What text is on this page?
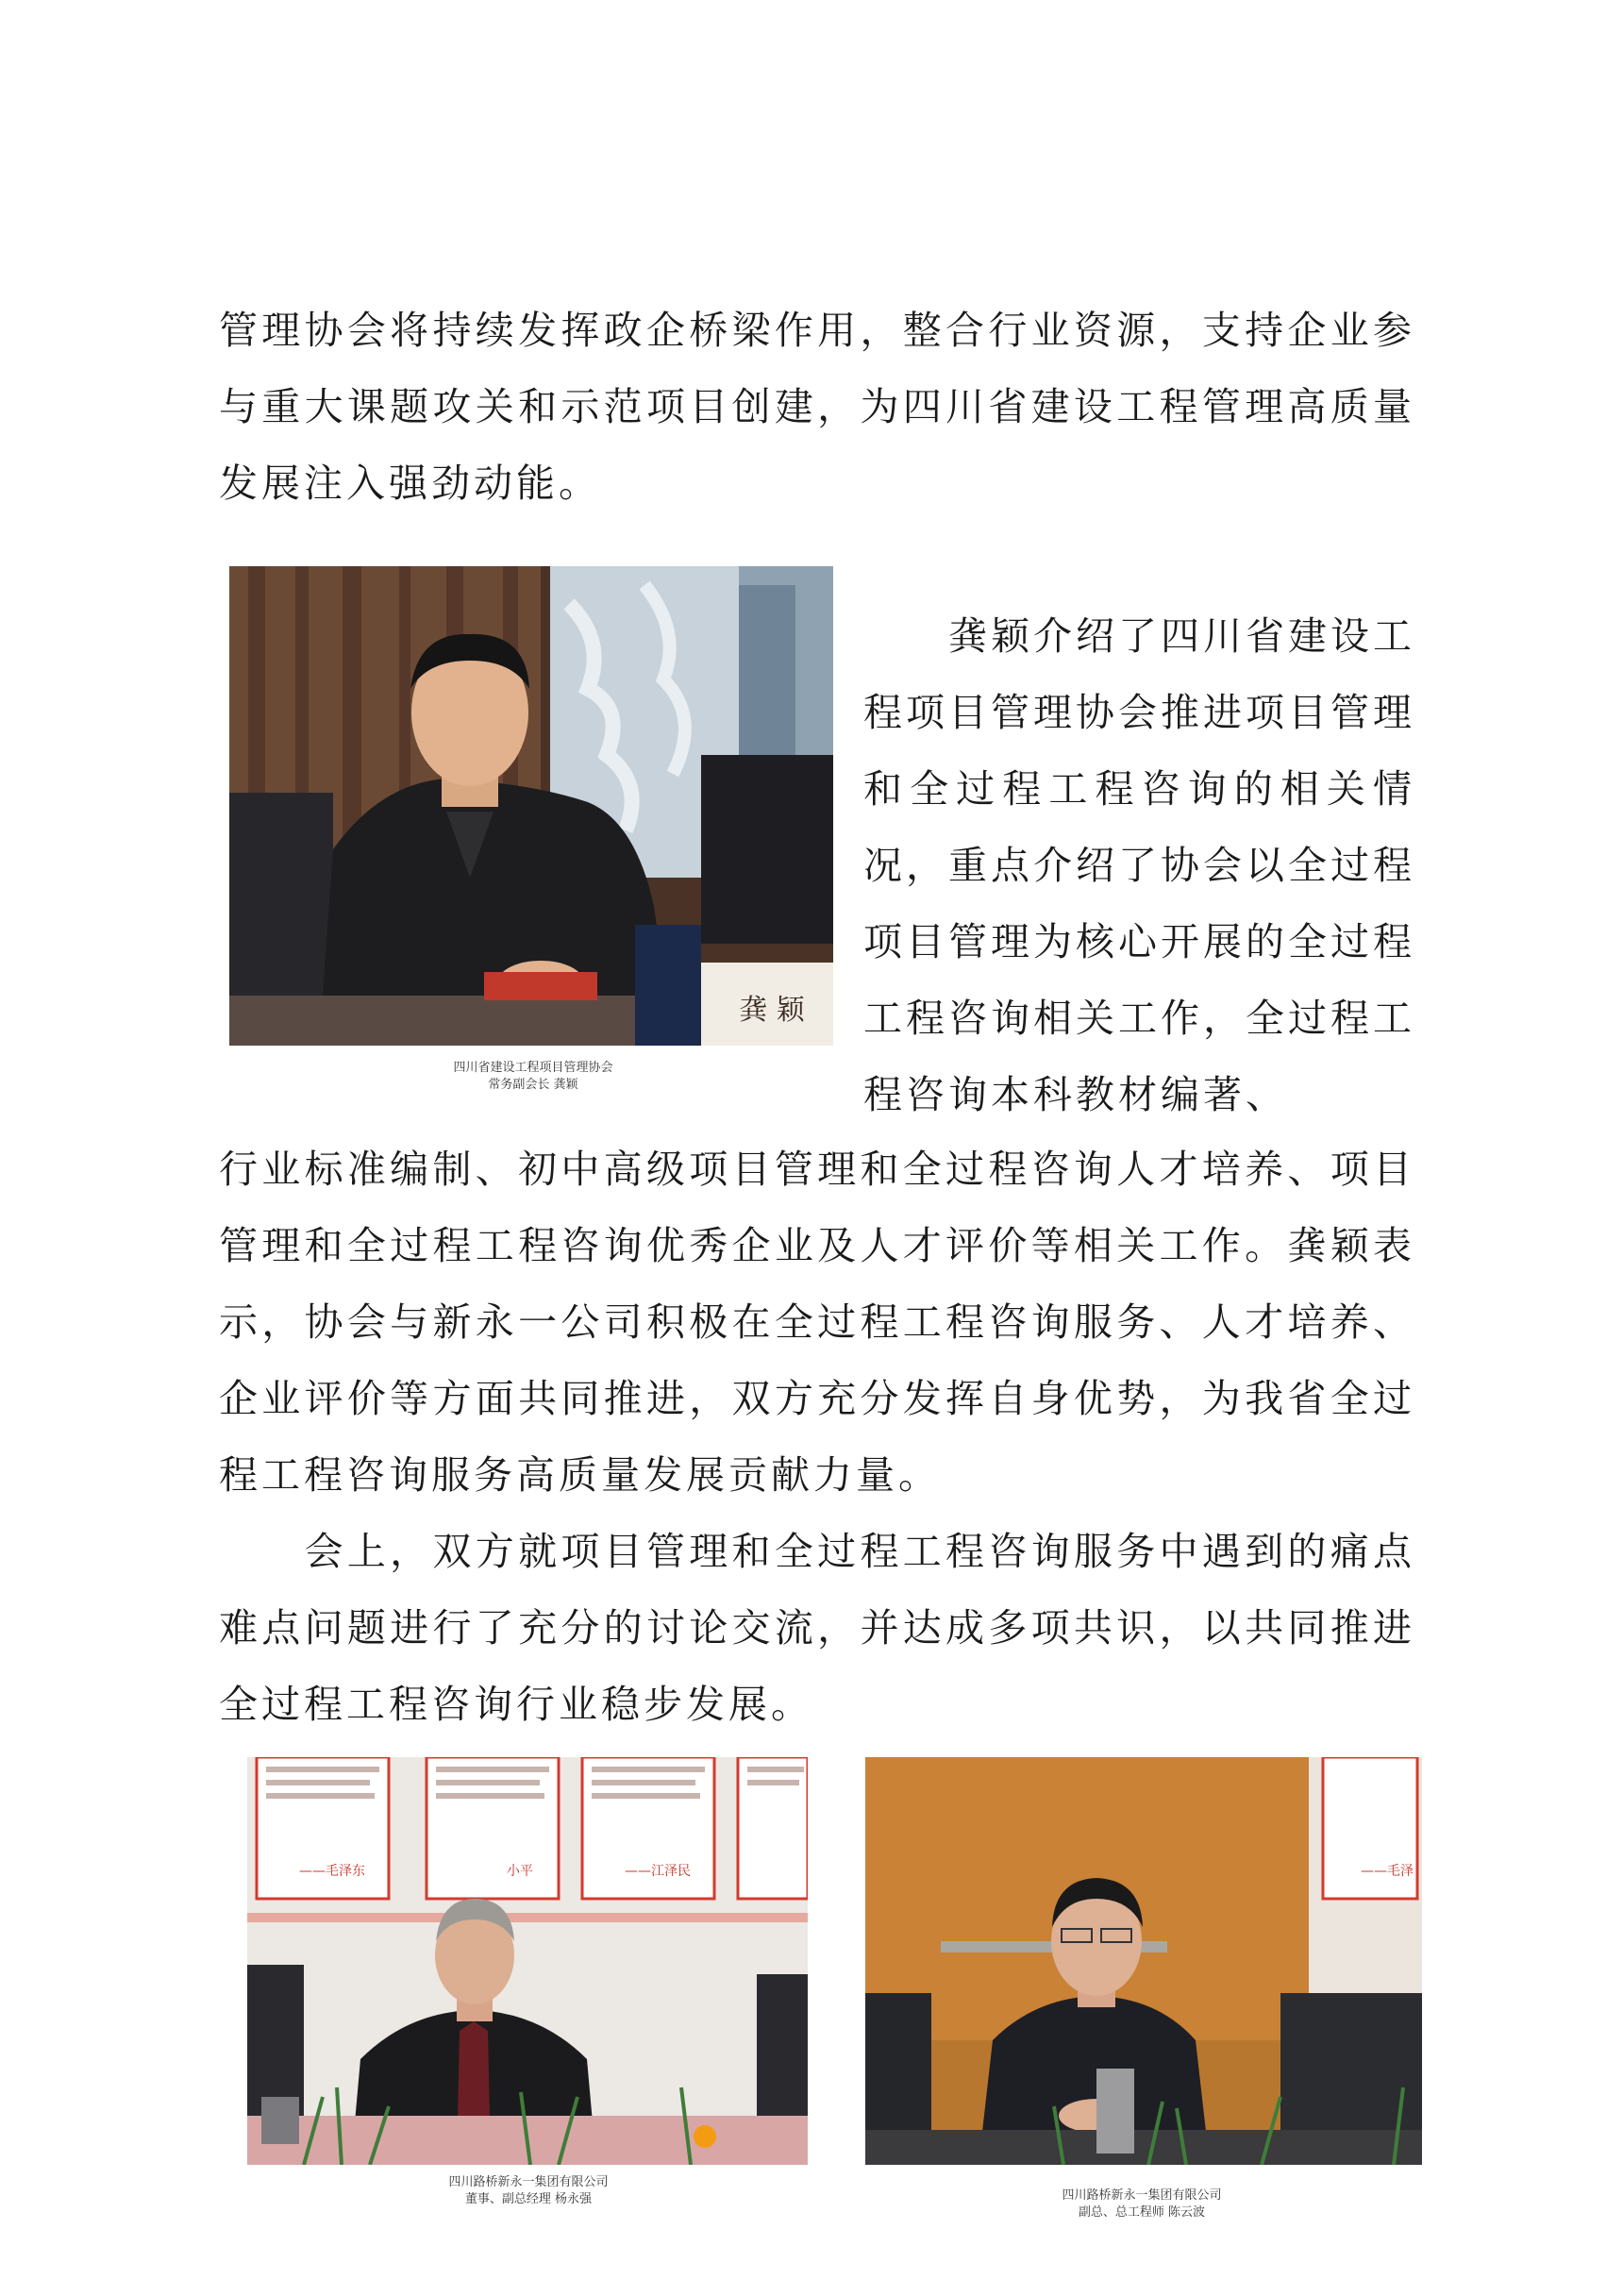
管理协会将持续发挥政企桥梁作用，整合行业资源，支持企业参与重大课题攻关和示范项目创建，为四川省建设工程管理高质量发展注入强劲动能。

龚 颖
四川省建设工程项目管理协会
常务副会长 龚颖

　　龚颖介绍了四川省建设工程项目管理协会推进项目管理和全过程工程咨询的相关情况，重点介绍了协会以全过程项目管理为核心开展的全过程工程咨询相关工作，全过程工程咨询本科教材编著、

行业标准编制、初中高级项目管理和全过程咨询人才培养、项目管理和全过程工程咨询优秀企业及人才评价等相关工作。龚颖表示，协会与新永一公司积极在全过程工程咨询服务、人才培养、企业评价等方面共同推进，双方充分发挥自身优势，为我省全过程工程咨询服务高质量发展贡献力量。

　　会上，双方就项目管理和全过程工程咨询服务中遇到的痛点难点问题进行了充分的讨论交流，并达成多项共识，以共同推进全过程工程咨询行业稳步发展。

——毛泽东	小平	——江泽民
四川路桥新永一集团有限公司
董事、副总经理 杨永强
——毛泽
四川路桥新永一集团有限公司
副总、总工程师 陈云波
